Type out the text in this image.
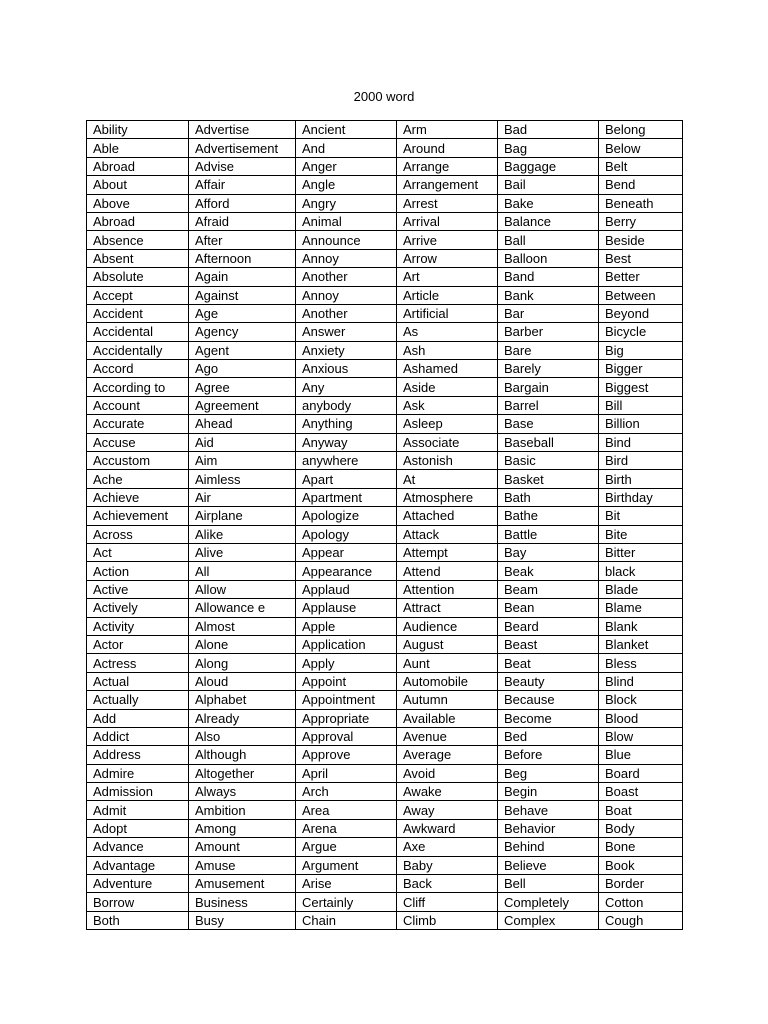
2000 word
Ability	Advertise	Ancient	Arm	Bad	Belong
Able	Advertisement	And	Around	Bag	Below
Abroad	Advise	Anger	Arrange	Baggage	Belt
About	Affair	Angle	Arrangement	Bail	Bend
Above	Afford	Angry	Arrest	Bake	Beneath
Abroad	Afraid	Animal	Arrival	Balance	Berry
Absence	After	Announce	Arrive	Ball	Beside
Absent	Afternoon	Annoy	Arrow	Balloon	Best
Absolute	Again	Another	Art	Band	Better
Accept	Against	Annoy	Article	Bank	Between
Accident	Age	Another	Artificial	Bar	Beyond
Accidental	Agency	Answer	As	Barber	Bicycle
Accidentally	Agent	Anxiety	Ash	Bare	Big
Accord	Ago	Anxious	Ashamed	Barely	Bigger
According to	Agree	Any	Aside	Bargain	Biggest
Account	Agreement	anybody	Ask	Barrel	Bill
Accurate	Ahead	Anything	Asleep	Base	Billion
Accuse	Aid	Anyway	Associate	Baseball	Bind
Accustom	Aim	anywhere	Astonish	Basic	Bird
Ache	Aimless	Apart	At	Basket	Birth
Achieve	Air	Apartment	Atmosphere	Bath	Birthday
Achievement	Airplane	Apologize	Attached	Bathe	Bit
Across	Alike	Apology	Attack	Battle	Bite
Act	Alive	Appear	Attempt	Bay	Bitter
Action	All	Appearance	Attend	Beak	black
Active	Allow	Applaud	Attention	Beam	Blade
Actively	Allowance e	Applause	Attract	Bean	Blame
Activity	Almost	Apple	Audience	Beard	Blank
Actor	Alone	Application	August	Beast	Blanket
Actress	Along	Apply	Aunt	Beat	Bless
Actual	Aloud	Appoint	Automobile	Beauty	Blind
Actually	Alphabet	Appointment	Autumn	Because	Block
Add	Already	Appropriate	Available	Become	Blood
Addict	Also	Approval	Avenue	Bed	Blow
Address	Although	Approve	Average	Before	Blue
Admire	Altogether	April	Avoid	Beg	Board
Admission	Always	Arch	Awake	Begin	Boast
Admit	Ambition	Area	Away	Behave	Boat
Adopt	Among	Arena	Awkward	Behavior	Body
Advance	Amount	Argue	Axe	Behind	Bone
Advantage	Amuse	Argument	Baby	Believe	Book
Adventure	Amusement	Arise	Back	Bell	Border
Borrow	Business	Certainly	Cliff	Completely	Cotton
Both	Busy	Chain	Climb	Complex	Cough
